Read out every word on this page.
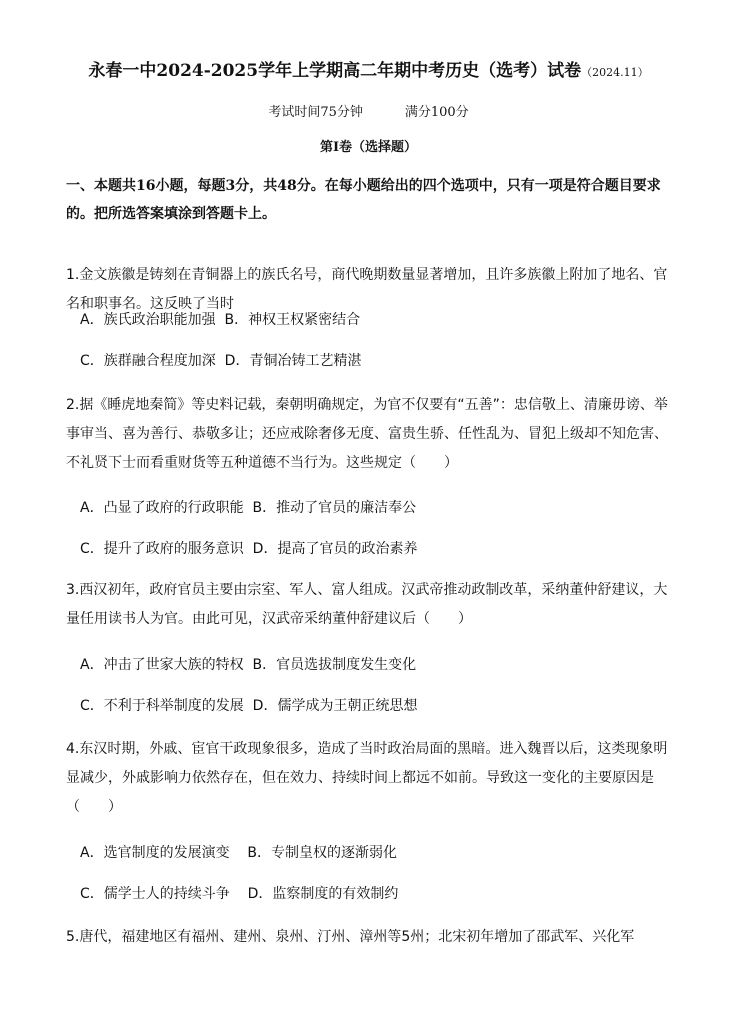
永春一中2024-2025学年上学期高二年期中考历史（选考）试卷（2024.11）
考试时间75分钟	满分100分
第Ⅰ卷（选择题）
一、本题共16小题，每题3分，共48分。在每小题给出的四个选项中，只有一项是符合题目要求的。把所选答案填涂到答题卡上。
1.金文族徽是铸刻在青铜器上的族氏名号，商代晚期数量显著增加，且许多族徽上附加了地名、官名和职事名。这反映了当时
A．族氏政治职能加强  B．神权王权紧密结合
C．族群融合程度加深  D．青铜冶铸工艺精湛
2.据《睡虎地秦简》等史料记载，秦朝明确规定，为官不仅要有“五善”：忠信敬上、清廉毋谤、举事审当、喜为善行、恭敬多让；还应戒除奢侈无度、富贵生骄、任性乱为、冒犯上级却不知危害、不礼贤下士而看重财货等五种道德不当行为。这些规定（　　）
A．凸显了政府的行政职能  B．推动了官员的廉洁奉公
C．提升了政府的服务意识  D．提高了官员的政治素养
3.西汉初年，政府官员主要由宗室、军人、富人组成。汉武帝推动政制改革，采纳董仲舒建议，大量任用读书人为官。由此可见，汉武帝采纳董仲舒建议后（　　）
A．冲击了世家大族的特权  B．官员选拔制度发生变化
C．不利于科举制度的发展  D．儒学成为王朝正统思想
4.东汉时期，外戚、宦官干政现象很多，造成了当时政治局面的黑暗。进入魏晋以后，这类现象明显减少，外戚影响力依然存在，但在效力、持续时间上都远不如前。导致这一变化的主要原因是（　　）
A．选官制度的发展演变    B．专制皇权的逐渐弱化
C．儒学士人的持续斗争    D．监察制度的有效制约
5.唐代，福建地区有福州、建州、泉州、汀州、漳州等5州；北宋初年增加了邵武军、兴化军
